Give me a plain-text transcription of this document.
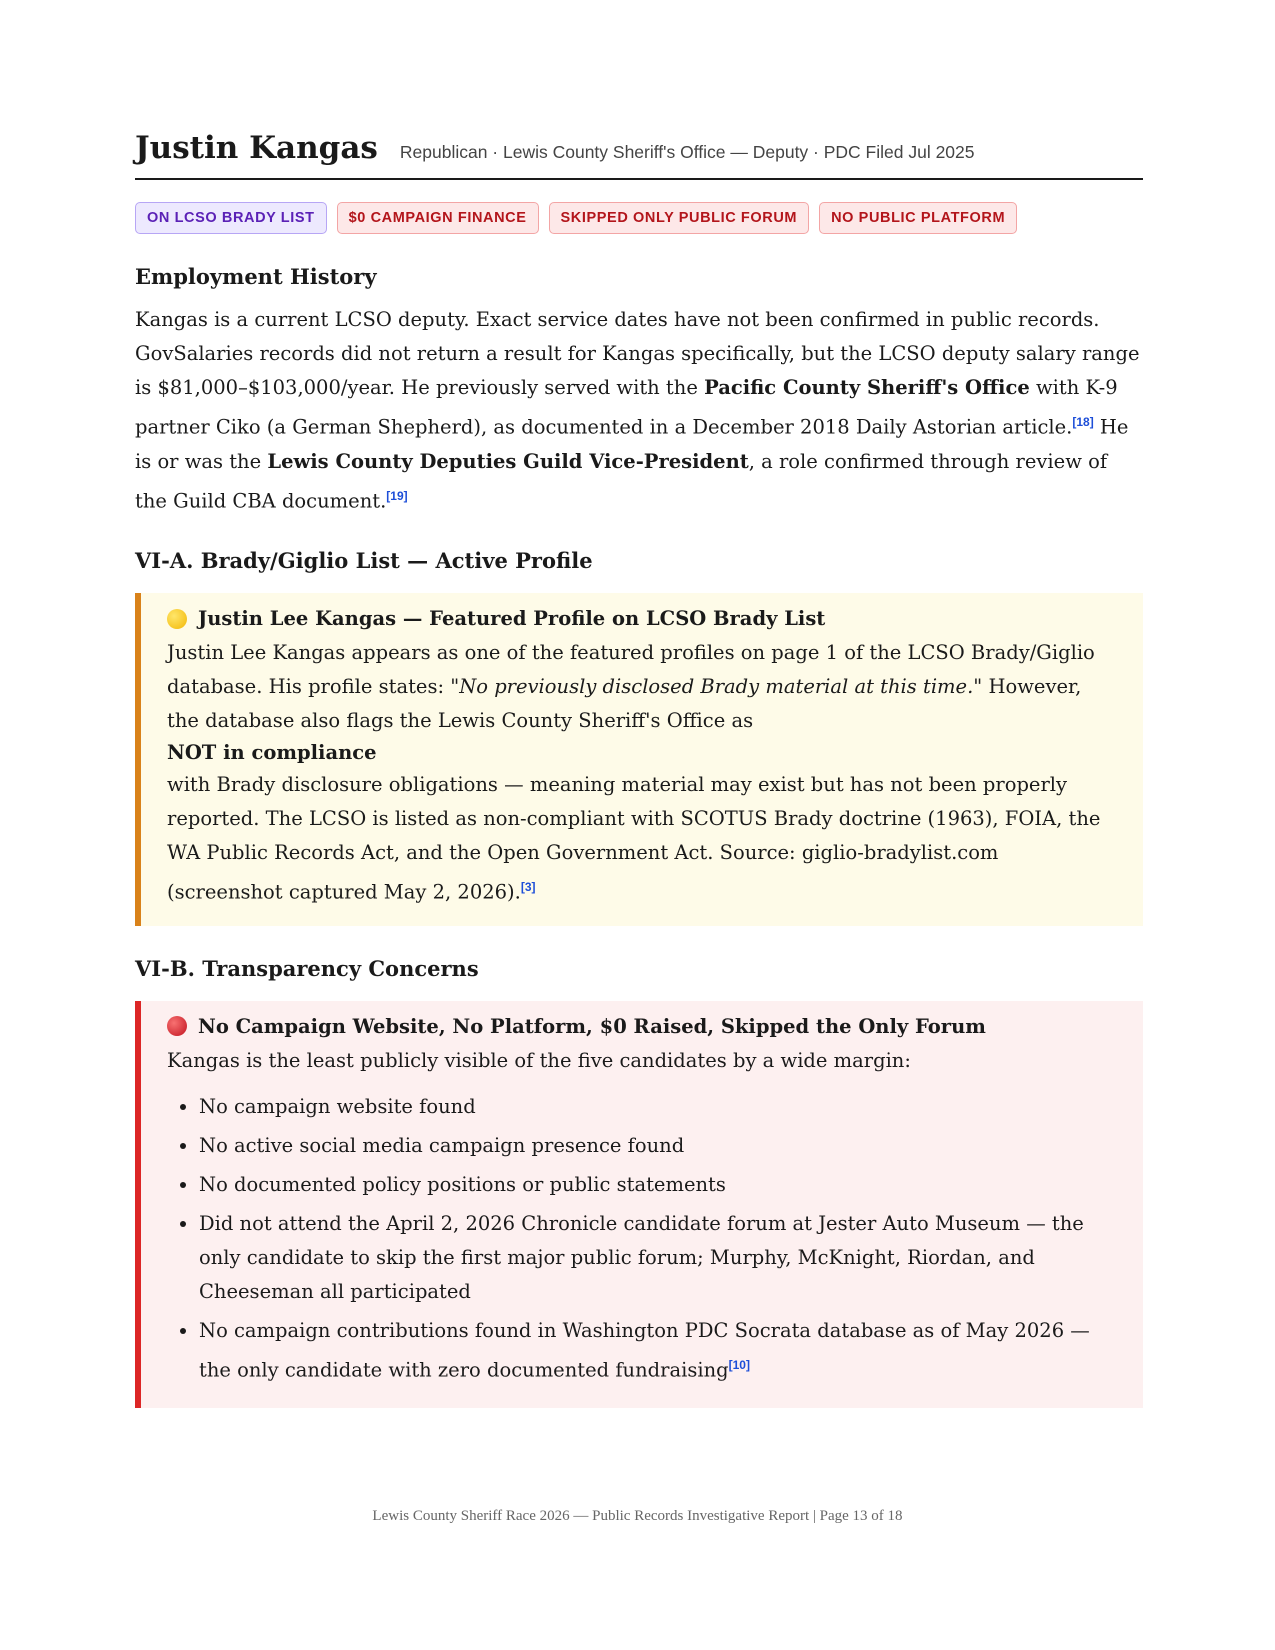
Justin Kangas Republican · Lewis County Sheriff's Office — Deputy · PDC Filed Jul 2025
ON LCSO BRADY LIST	$0 CAMPAIGN FINANCE	SKIPPED ONLY PUBLIC FORUM	NO PUBLIC PLATFORM
Employment History

Kangas is a current LCSO deputy. Exact service dates have not been confirmed in public records. GovSalaries records did not return a result for Kangas specifically, but the LCSO deputy salary range is $81,000–$103,000/year. He previously served with the Pacific County Sheriff's Office with K-9 partner Ciko (a German Shepherd), as documented in a December 2018 Daily Astorian article.[18] He is or was the Lewis County Deputies Guild Vice-President, a role confirmed through review of the Guild CBA document.[19]

VI-A. Brady/Giglio List — Active Profile
Justin Lee Kangas — Featured Profile on LCSO Brady List

Justin Lee Kangas appears as one of the featured profiles on page 1 of the LCSO Brady/Giglio database. His profile states: "No previously disclosed Brady material at this time." However, the database also flags the Lewis County Sheriff's Office as

NOT in compliance

with Brady disclosure obligations — meaning material may exist but has not been properly reported. The LCSO is listed as non-compliant with SCOTUS Brady doctrine (1963), FOIA, the WA Public Records Act, and the Open Government Act. Source: giglio-bradylist.com (screenshot captured May 2, 2026).[3]

VI-B. Transparency Concerns
No Campaign Website, No Platform, $0 Raised, Skipped the Only Forum

Kangas is the least publicly visible of the five candidates by a wide margin:

• No campaign website found
• No active social media campaign presence found
• No documented policy positions or public statements
• Did not attend the April 2, 2026 Chronicle candidate forum at Jester Auto Museum — the only candidate to skip the first major public forum; Murphy, McKnight, Riordan, and Cheeseman all participated
• No campaign contributions found in Washington PDC Socrata database as of May 2026 — the only candidate with zero documented fundraising[10]
Lewis County Sheriff Race 2026 — Public Records Investigative Report | Page 13 of 18
